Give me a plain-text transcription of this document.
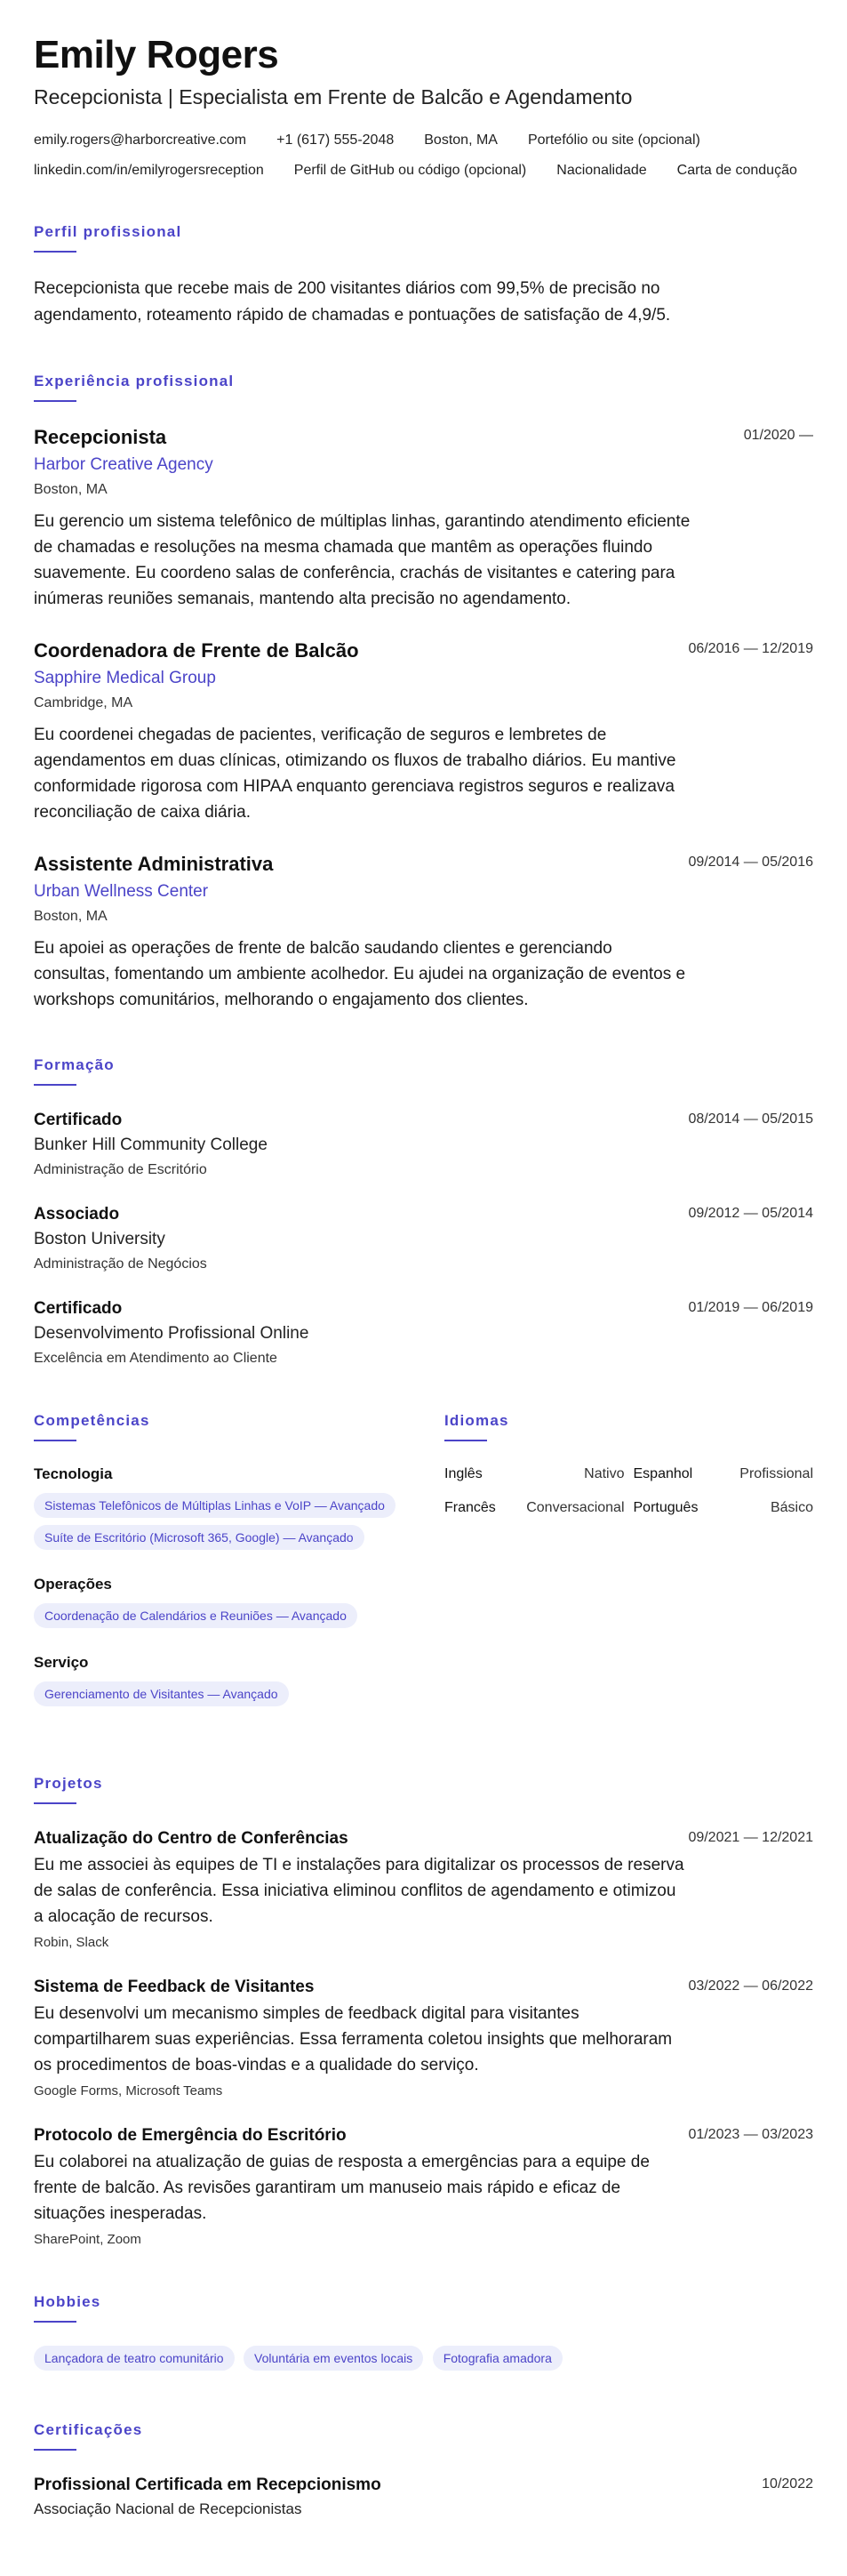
Emily Rogers
Recepcionista | Especialista em Frente de Balcão e Agendamento
emily.rogers@harborcreative.com +1 (617) 555-2048 Boston, MA Portefólio ou site (opcional)
linkedin.com/in/emilyrogersreception Perfil de GitHub ou código (opcional) Nacionalidade Carta de condução
Perfil profissional

Recepcionista que recebe mais de 200 visitantes diários com 99,5% de precisão no agendamento, roteamento rápido de chamadas e pontuações de satisfação de 4,9/5.

Experiência profissional
Recepcionista
Harbor Creative Agency
Boston, MA
Eu gerencio um sistema telefônico de múltiplas linhas, garantindo atendimento eficiente de chamadas e resoluções na mesma chamada que mantêm as operações fluindo suavemente. Eu coordeno salas de conferência, crachás de visitantes e catering para inúmeras reuniões semanais, mantendo alta precisão no agendamento.
01/2020 —
Coordenadora de Frente de Balcão
Sapphire Medical Group
Cambridge, MA
Eu coordenei chegadas de pacientes, verificação de seguros e lembretes de agendamentos em duas clínicas, otimizando os fluxos de trabalho diários. Eu mantive conformidade rigorosa com HIPAA enquanto gerenciava registros seguros e realizava reconciliação de caixa diária.
06/2016 — 12/2019
Assistente Administrativa
Urban Wellness Center
Boston, MA
Eu apoiei as operações de frente de balcão saudando clientes e gerenciando consultas, fomentando um ambiente acolhedor. Eu ajudei na organização de eventos e workshops comunitários, melhorando o engajamento dos clientes.
09/2014 — 05/2016
Formação
Certificado
Bunker Hill Community College
Administração de Escritório
08/2014 — 05/2015
Associado
Boston University
Administração de Negócios
09/2012 — 05/2014
Certificado
Desenvolvimento Profissional Online
Excelência em Atendimento ao Cliente
01/2019 — 06/2019
Competências
Tecnologia
Sistemas Telefônicos de Múltiplas Linhas e VoIP — Avançado Suíte de Escritório (Microsoft 365, Google) — Avançado
Operações
Coordenação de Calendários e Reuniões — Avançado
Serviço
Gerenciamento de Visitantes — Avançado
Idiomas
Inglês	Nativo Espanhol	Profissional
Francês Conversacional Português	Básico
Projetos
Atualização do Centro de Conferências
Eu me associei às equipes de TI e instalações para digitalizar os processos de reserva de salas de conferência. Essa iniciativa eliminou conflitos de agendamento e otimizou a alocação de recursos.
Robin, Slack
09/2021 — 12/2021
Sistema de Feedback de Visitantes
Eu desenvolvi um mecanismo simples de feedback digital para visitantes compartilharem suas experiências. Essa ferramenta coletou insights que melhoraram os procedimentos de boas-vindas e a qualidade do serviço.
Google Forms, Microsoft Teams
03/2022 — 06/2022
Protocolo de Emergência do Escritório
Eu colaborei na atualização de guias de resposta a emergências para a equipe de frente de balcão. As revisões garantiram um manuseio mais rápido e eficaz de situações inesperadas.
SharePoint, Zoom
01/2023 — 03/2023
Hobbies
Lançadora de teatro comunitário Voluntária em eventos locais Fotografia amadora
Certificações
Profissional Certificada em Recepcionismo
Associação Nacional de Recepcionistas
10/2022
